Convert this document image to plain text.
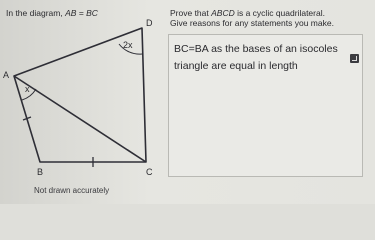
In the diagram, AB = BC
D
A
B	C
2x
x
Not drawn accurately
Prove that ABCD is a cyclic quadrilateral.
Give reasons for any statements you make.
BC=BA as the bases of an isocoles triangle are equal in length
